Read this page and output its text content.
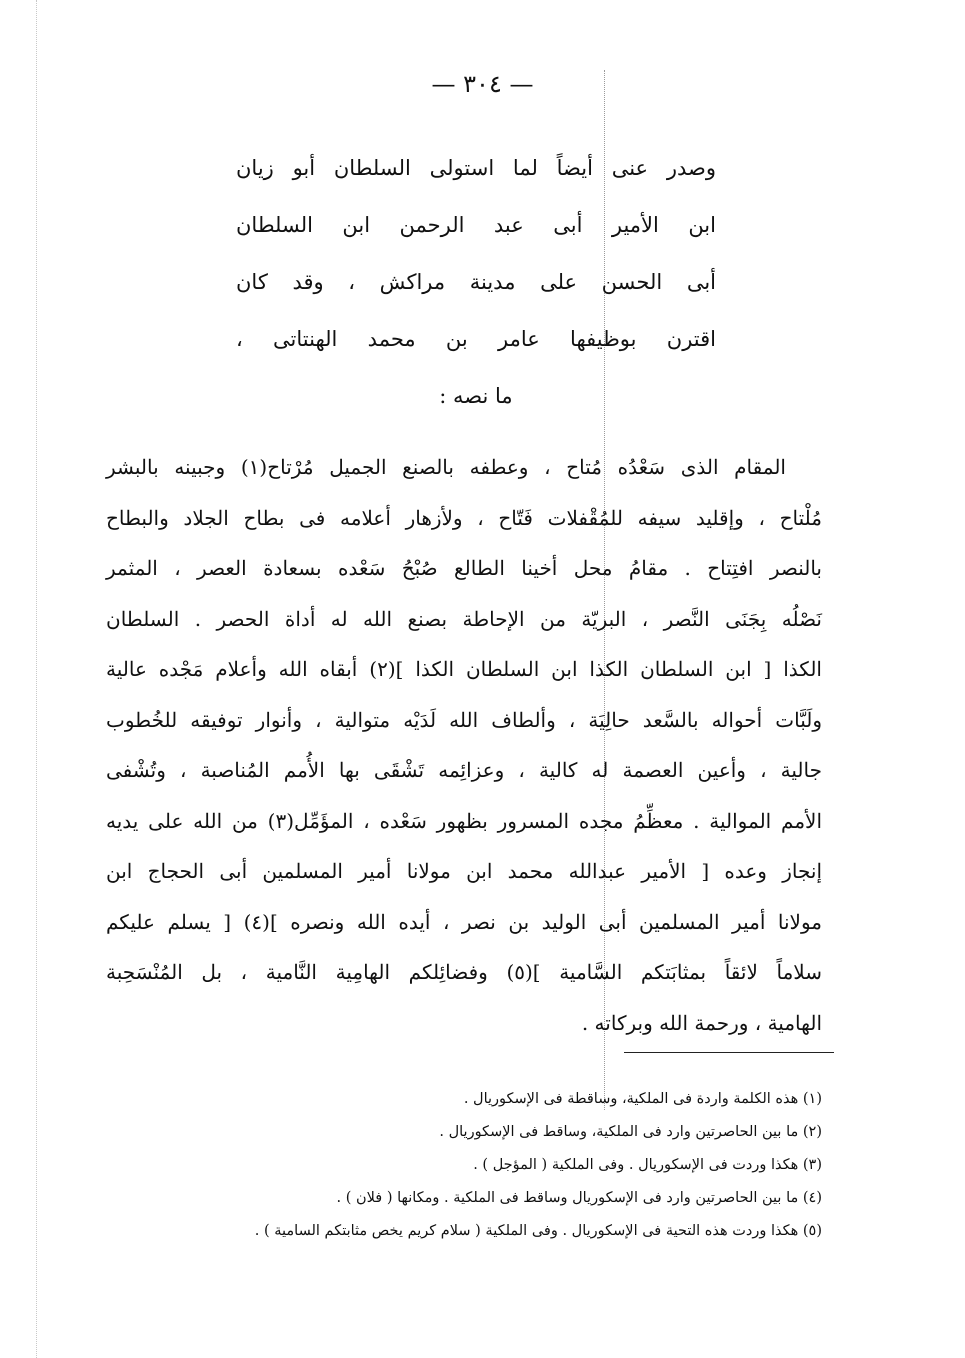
— ٣٠٤ —
وصدر عنى أيضاً لما استولى السلطان أبو زيان
ابن الأمير أبى عبد الرحمن ابن السلطان
أبى الحسن على مدينة مراكش ، وقد كان
اقترن بوظيفها عامر بن محمد الهنتاتى ،
ما نصه :
المقام الذى سَعْدُه مُتاح ، وعطفه بالصنع الجميل مُرْتاح(١) وجبينه بالبشر
مُلْتاح ، وإقليد سيفه للمُقْفلات فَتّاح ، ولأزهار أعلامه فى بطاح الجلاد والبطاح
بالنصر افتِتاح . مقامُ محل أخينا الطالع صُبْحُ سَعْده بسعادة العصر ، المثمر
نَصْلُه بِجَنَى النَّصر ، البريّة من الإحاطة بصنع الله له أداة الحصر . السلطان
الكذا [ ابن السلطان الكذا ابن السلطان الكذا ](٢) أبقاه الله وأعلام مَجْده عالية
ولَبَّات أحواله بالسَّعد حالِيَة ، وألطاف الله لَدَيْه متوالية ، وأنوار توفيقه للخُطوب
جالية ، وأعين العصمة له كالية ، وعزائِمه تَشْقَى بها الأُمم المُناصبة ، وتُشْفى
الأمم الموالية . معظِّمُ مجده المسرور بظهور سَعْده ، المؤَمِّل(٣) من الله على يديه
إنجاز وعده [ الأمير عبدالله محمد ابن مولانا أمير المسلمين أبى الحجاج ابن
مولانا أمير المسلمين أبى الوليد بن نصر ، أيده الله ونصره ](٤) [ يسلم عليكم
سلاماً لائقاً بمثابَتكم السَّامية ](٥) وفضائِلكم الهامِية النَّامية ، بل المُنْسَحِبة
الهامية ، ورحمة الله وبركاته .
(١) هذه الكلمة واردة فى الملكية، وساقطة فى الإسكوريال .
(٢) ما بين الحاصرتين وارد فى الملكية، وساقط فى الإسكوريال .
(٣) هكذا وردت فى الإسكوريال . وفى الملكية ( المؤجل ) .
(٤) ما بين الحاصرتين وارد فى الإسكوريال وساقط فى الملكية . ومكانها ( فلان ) .
(٥) هكذا وردت هذه التحية فى الإسكوريال . وفى الملكية ( سلام كريم يخص مثابتكم السامية ) .
